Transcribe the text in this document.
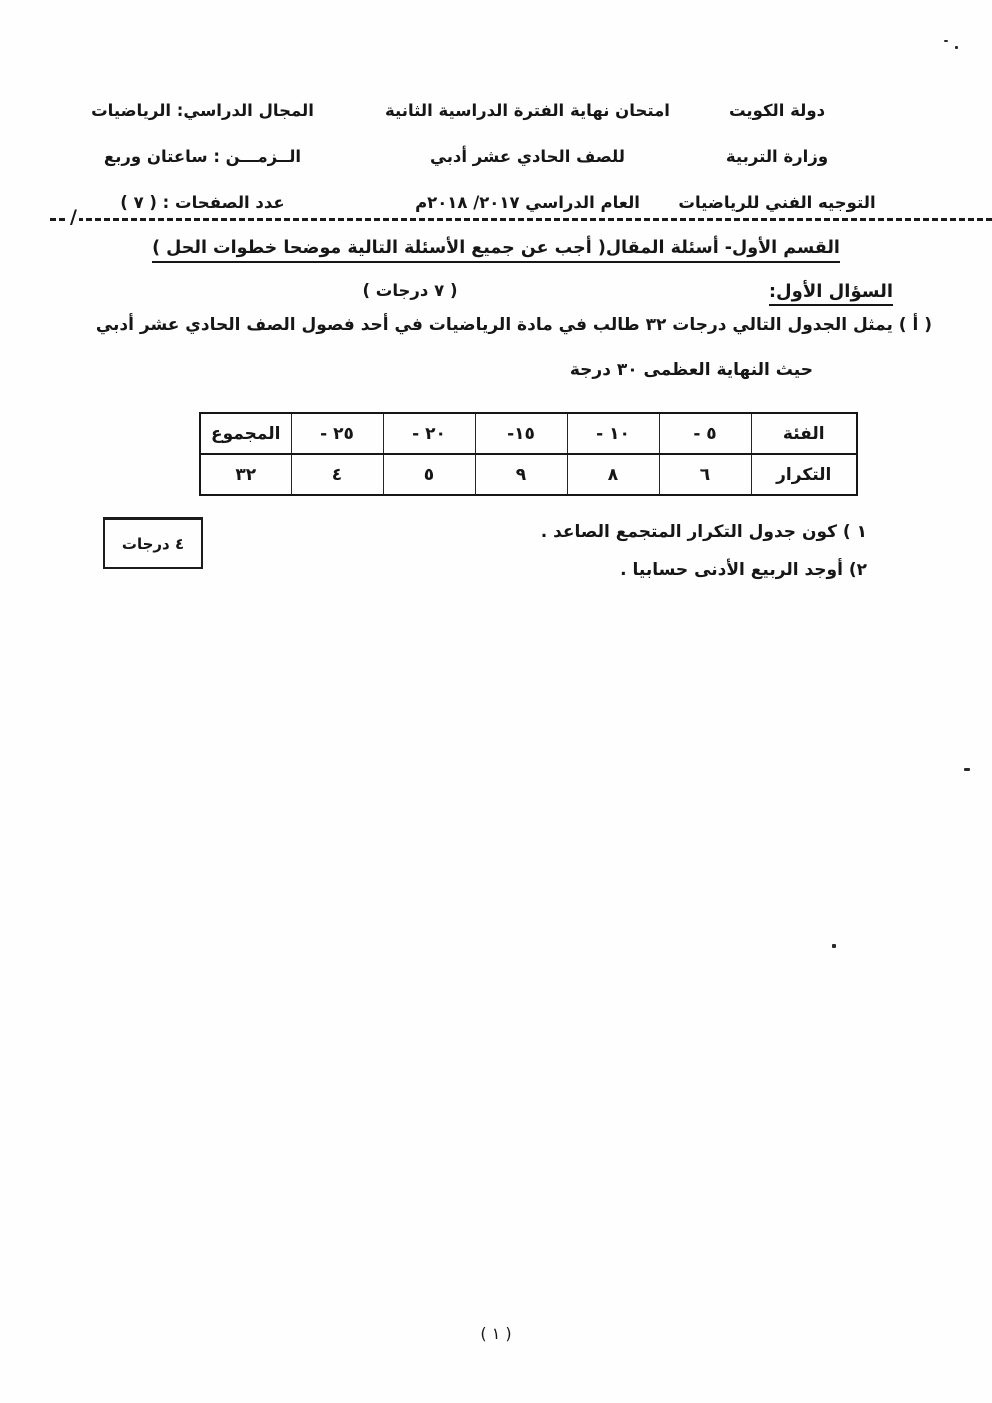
دولة الكويت
وزارة التربية
التوجيه الفني للرياضيات
امتحان نهاية الفترة الدراسية الثانية
للصف الحادي عشر أدبي
العام الدراسي ٢٠١٧/ ٢٠١٨م
المجال الدراسي: الرياضيات
الــزمـــن : ساعتان وربع
عدد الصفحات : ( ٧ )
/
القسم الأول- أسئلة المقال( أجب عن جميع الأسئلة التالية موضحا خطوات الحل )
السؤال الأول:
( ٧ درجات )
( أ ) يمثل الجدول التالي درجات ٣٢ طالب في مادة الرياضيات في أحد فصول الصف الحادي عشر أدبي
حيث النهاية العظمى ٣٠ درجة
الفئة	٥ -	١٠ -	١٥-	٢٠ -	٢٥ -	المجموع
التكرار	٦	٨	٩	٥	٤	٣٢
١ ) كون جدول التكرار المتجمع الصاعد .
٢) أوجد الربيع الأدنى حسابيا .
٤ درجات
( ١ )
